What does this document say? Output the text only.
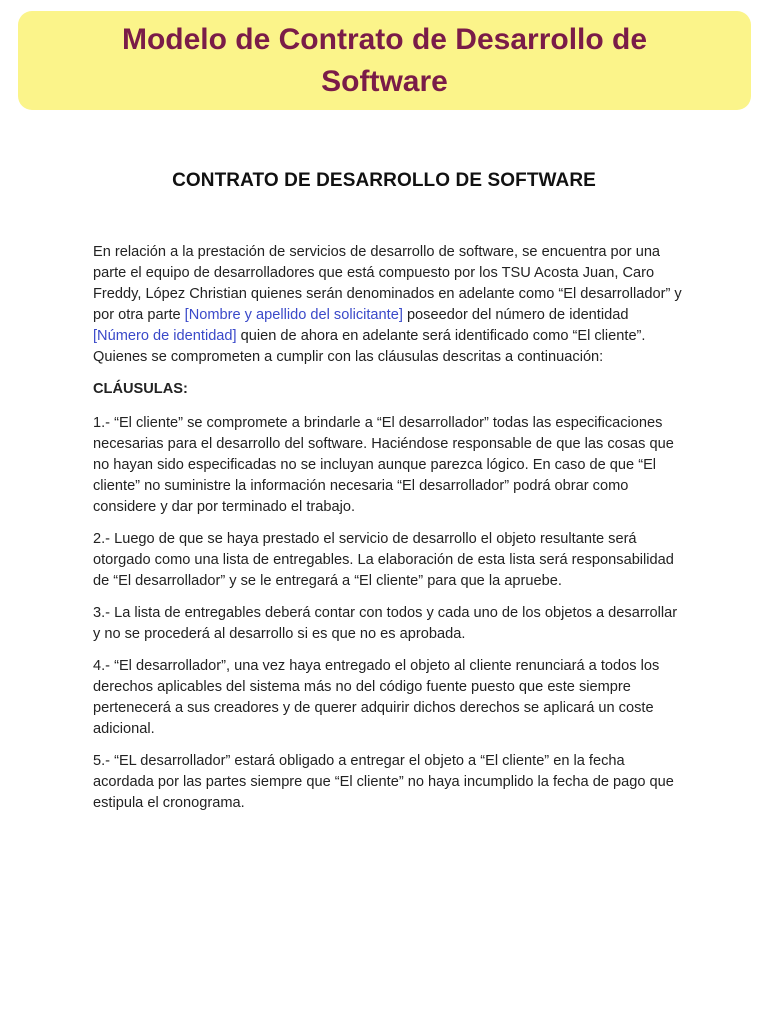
Modelo de Contrato de Desarrollo de Software
CONTRATO DE DESARROLLO DE SOFTWARE

En relación a la prestación de servicios de desarrollo de software, se encuentra por una parte el equipo de desarrolladores que está compuesto por los TSU Acosta Juan, Caro Freddy, López Christian quienes serán denominados en adelante como “El desarrollador” y por otra parte [Nombre y apellido del solicitante] poseedor del número de identidad [Número de identidad] quien de ahora en adelante será identificado como “El cliente”. Quienes se comprometen a cumplir con las cláusulas descritas a continuación:

CLÁUSULAS:

1.- “El cliente” se compromete a brindarle a “El desarrollador” todas las especificaciones necesarias para el desarrollo del software. Haciéndose responsable de que las cosas que no hayan sido especificadas no se incluyan aunque parezca lógico. En caso de que “El cliente” no suministre la información necesaria “El desarrollador” podrá obrar como considere y dar por terminado el trabajo.

2.- Luego de que se haya prestado el servicio de desarrollo el objeto resultante será otorgado como una lista de entregables. La elaboración de esta lista será responsabilidad de “El desarrollador” y se le entregará a “El cliente” para que la apruebe.

3.- La lista de entregables deberá contar con todos y cada uno de los objetos a desarrollar y no se procederá al desarrollo si es que no es aprobada.

4.- “El desarrollador”, una vez haya entregado el objeto al cliente renunciará a todos los derechos aplicables del sistema más no del código fuente puesto que este siempre pertenecerá a sus creadores y de querer adquirir dichos derechos se aplicará un coste adicional.

5.- “EL desarrollador” estará obligado a entregar el objeto a “El cliente” en la fecha acordada por las partes siempre que “El cliente” no haya incumplido la fecha de pago que estipula el cronograma.
